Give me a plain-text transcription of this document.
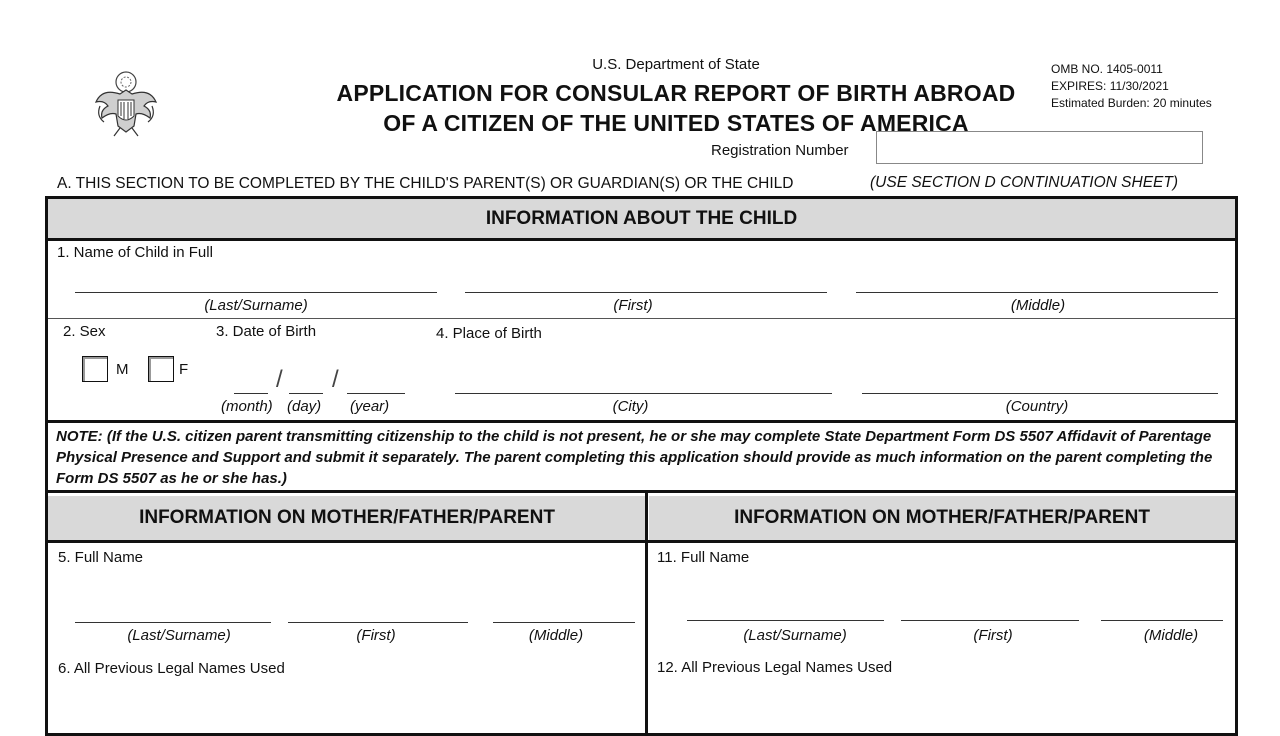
U.S. Department of State
APPLICATION FOR CONSULAR REPORT OF BIRTH ABROAD
OF A CITIZEN OF THE UNITED STATES OF AMERICA
OMB NO. 1405-0011
EXPIRES: 11/30/2021
Estimated Burden: 20 minutes
Registration Number
A. THIS SECTION TO BE COMPLETED BY THE CHILD'S PARENT(S) OR GUARDIAN(S) OR THE CHILD	(USE SECTION D CONTINUATION SHEET)
INFORMATION ABOUT THE CHILD
1. Name of Child in Full
(Last/Surname)	(First)	(Middle)
2. Sex
M	F
3. Date of Birth
/ /
(month) (day) (year)
4. Place of Birth
(City)	(Country)
NOTE: (If the U.S. citizen parent transmitting citizenship to the child is not present, he or she may complete State Department Form DS 5507 Affidavit of Parentage Physical Presence and Support and submit it separately. The parent completing this application should provide as much information on the parent completing the Form DS 5507 as he or she has.)
INFORMATION ON MOTHER/FATHER/PARENT	INFORMATION ON MOTHER/FATHER/PARENT
5. Full Name
(Last/Surname)	(First)	(Middle)
6. All Previous Legal Names Used
11. Full Name
(Last/Surname)	(First)	(Middle)
12. All Previous Legal Names Used
